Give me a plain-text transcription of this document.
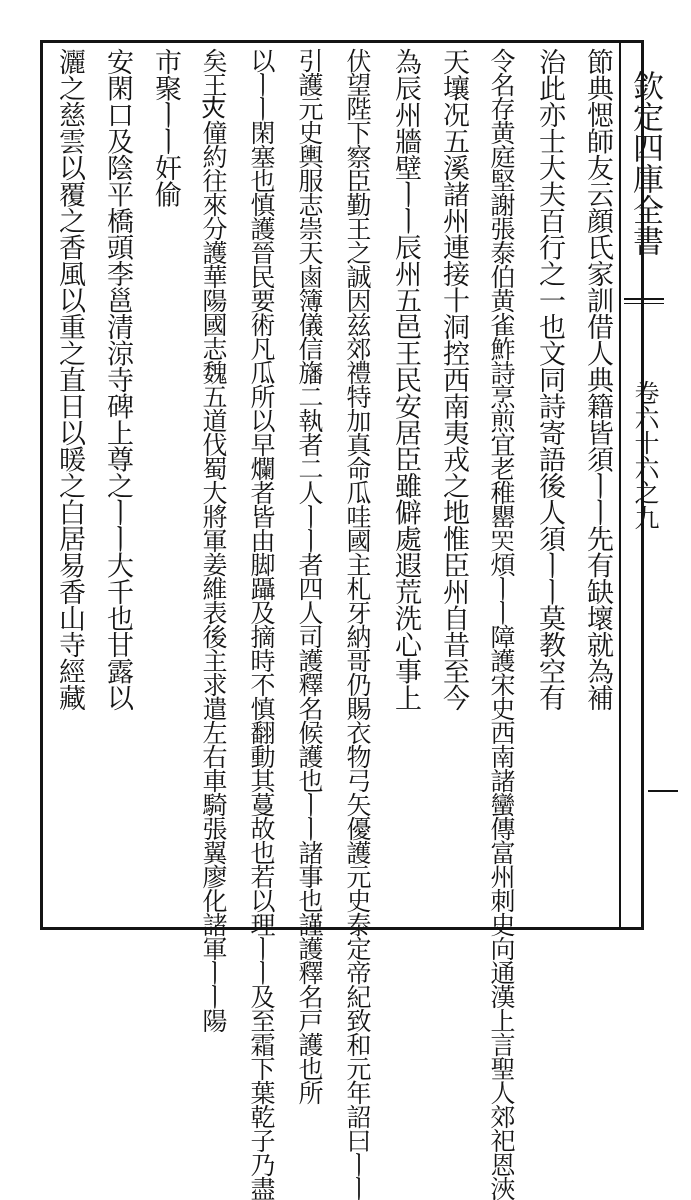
欽定四庫全書
卷六十六之九
節典愢師友云顔氏家訓借人典籍皆須ㅣㅣ先有缺壞就為補
治此亦士大夫百行之一也文同詩寄語後人須ㅣㅣ莫教空有
令名存黄庭堅謝張泰伯黄雀鮓詩烹煎宜老稚罌𦉼煩ㅣㅣ
障護宋史西南諸蠻傳富州刺史向通漢上言聖人郊祀恩浹
天壤况五溪諸州連接十洞控西南夷戎之地惟臣州自昔至今
為辰州牆壁ㅣㅣ辰州五邑王民安居臣雖僻處遐荒洗心事上
伏望陛下察臣勤王之誠因兹郊禮特加真命瓜哇國主札牙納哥仍賜衣物弓矢
優護元史泰定帝紀致和元年詔曰ㅣㅣ
引護元史輿服志崇天鹵簿儀信旛二執者二人ㅣㅣ者四人
司護釋名候護也ㅣㅣ諸事也
謹護釋名戸護也所
以ㅣㅣ閑塞也
慎護晉民要術凡瓜所以早爛者皆由脚躡及摘時不慎翻動其蔓故也若以理ㅣㅣ及至霜下葉乾子乃盡
矣王𡗜僮約往來
分護華陽國志魏五道伐蜀大將軍姜維表後主求遣左右車騎張翼廖化諸軍ㅣㅣ陽
市聚ㅣㅣ奸偷
安閑口及陰平橋頭李邕清涼寺碑上尊之ㅣㅣ大千也甘露以
灑之慈雲以覆之香風以重之直日以暖之白居易香山寺經藏
